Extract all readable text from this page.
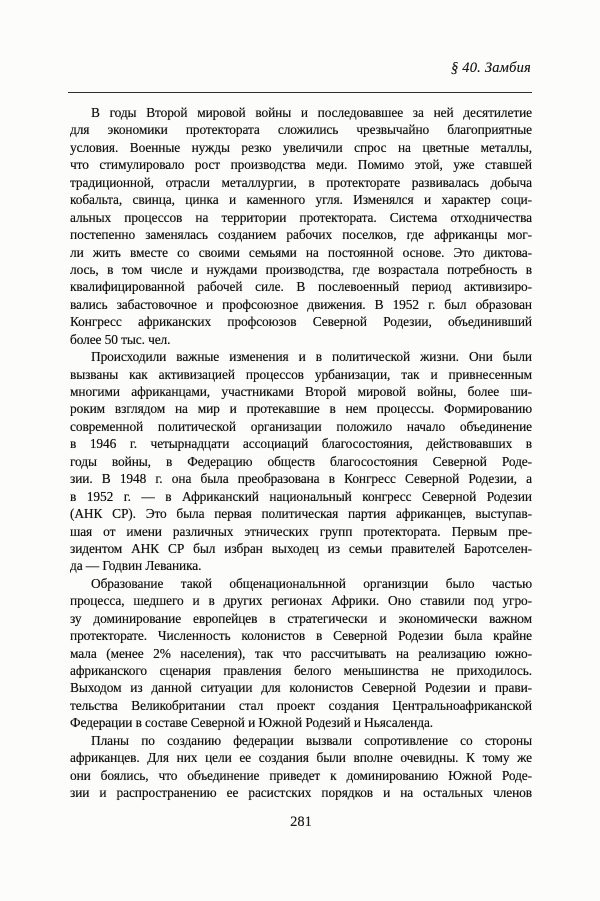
§ 40. Замбия
В годы Второй мировой войны и последовавшее за ней десятилетие
для экономики протектората сложились чрезвычайно благоприятные
условия. Военные нужды резко увеличили спрос на цветные металлы,
что стимулировало рост производства меди. Помимо этой, уже ставшей
традиционной, отрасли металлургии, в протекторате развивалась добыча
кобальта, свинца, цинка и каменного угля. Изменялся и характер соци-
альных процессов на территории протектората. Система отходничества
постепенно заменялась созданием рабочих поселков, где африканцы мог-
ли жить вместе со своими семьями на постоянной основе. Это диктова-
лось, в том числе и нуждами производства, где возрастала потребность в
квалифицированной рабочей силе. В послевоенный период активизиро-
вались забастовочное и профсоюзное движения. В 1952 г. был образован
Конгресс африканских профсоюзов Северной Родезии, объединивший
более 50 тыс. чел.
Происходили важные изменения и в политической жизни. Они были
вызваны как активизацией процессов урбанизации, так и привнесенным
многими африканцами, участниками Второй мировой войны, более ши-
роким взглядом на мир и протекавшие в нем процессы. Формированию
современной политической организации положило начало объединение
в 1946 г. четырнадцати ассоциаций благосостояния, действовавших в
годы войны, в Федерацию обществ благосостояния Северной Роде-
зии. В 1948 г. она была преобразована в Конгресс Северной Родезии, а
в 1952 г. — в Африканский национальный конгресс Северной Родезии
(АНК СР). Это была первая политическая партия африканцев, выступав-
шая от имени различных этнических групп протектората. Первым пре-
зидентом АНК СР был избран выходец из семьи правителей Баротселен-
да — Годвин Леваника.
Образование такой общенациональнной организции было частью
процесса, шедшего и в других регионах Африки. Оно ставили под угро-
зу доминирование европейцев в стратегически и экономически важном
протекторате. Численность колонистов в Северной Родезии была крайне
мала (менее 2% населения), так что рассчитывать на реализацию южно-
африканского сценария правления белого меньшинства не приходилось.
Выходом из данной ситуации для колонистов Северной Родезии и прави-
тельства Великобритании стал проект создания Центральноафриканской
Федерации в составе Северной и Южной Родезий и Ньясаленда.
Планы по созданию федерации вызвали сопротивление со стороны
африканцев. Для них цели ее создания были вполне очевидны. К тому же
они боялись, что объединение приведет к доминированию Южной Роде-
зии и распространению ее расистских порядков и на остальных членов
281
